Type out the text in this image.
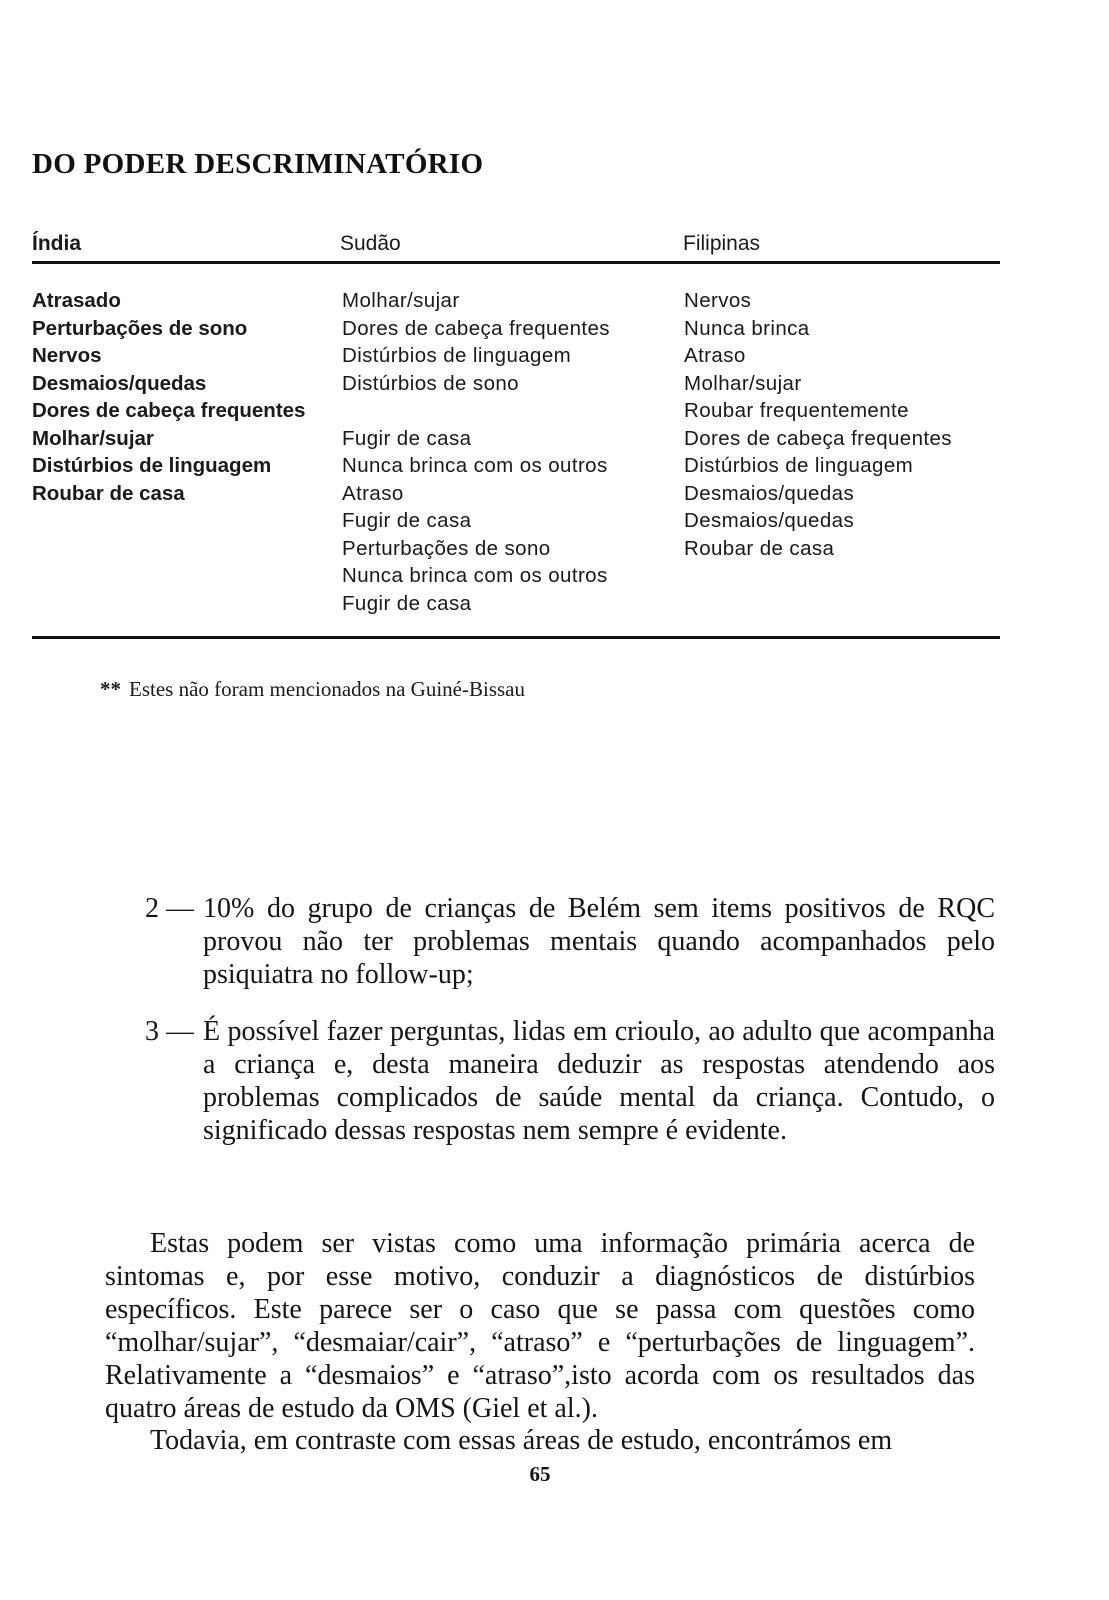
DO PODER DESCRIMINATÓRIO
Índia	Sudão	Filipinas
Atrasado
Perturbações de sono
Nervos
Desmaios/quedas
Dores de cabeça frequentes
Molhar/sujar
Distúrbios de linguagem
Roubar de casa
Molhar/sujar
Dores de cabeça frequentes
Distúrbios de linguagem
Distúrbios de sono
Fugir de casa
Nunca brinca com os outros
Atraso
Fugir de casa
Perturbações de sono
Nunca brinca com os outros
Fugir de casa
Nervos
Nunca brinca
Atraso
Molhar/sujar
Roubar frequentemente
Dores de cabeça frequentes
Distúrbios de linguagem
Desmaios/quedas
Desmaios/quedas
Roubar de casa
** Estes não foram mencionados na Guiné-Bissau
2 — 10% do grupo de crianças de Belém sem items positivos de RQC provou não ter problemas mentais quando acompanhados pelo psiquiatra no follow-up;
3 — É possível fazer perguntas, lidas em crioulo, ao adulto que acompanha a criança e, desta maneira deduzir as respostas atendendo aos problemas complicados de saúde mental da criança. Contudo, o significado dessas respostas nem sempre é evidente.
Estas podem ser vistas como uma informação primária acerca de sintomas e, por esse motivo, conduzir a diagnósticos de distúrbios específicos. Este parece ser o caso que se passa com questões como “molhar/sujar”, “desmaiar/cair”, “atraso” e “perturbações de linguagem”. Relativamente a “desmaios” e “atraso”,isto acorda com os resultados das quatro áreas de estudo da OMS (Giel et al.).
Todavia, em contraste com essas áreas de estudo, encontrámos em
65
